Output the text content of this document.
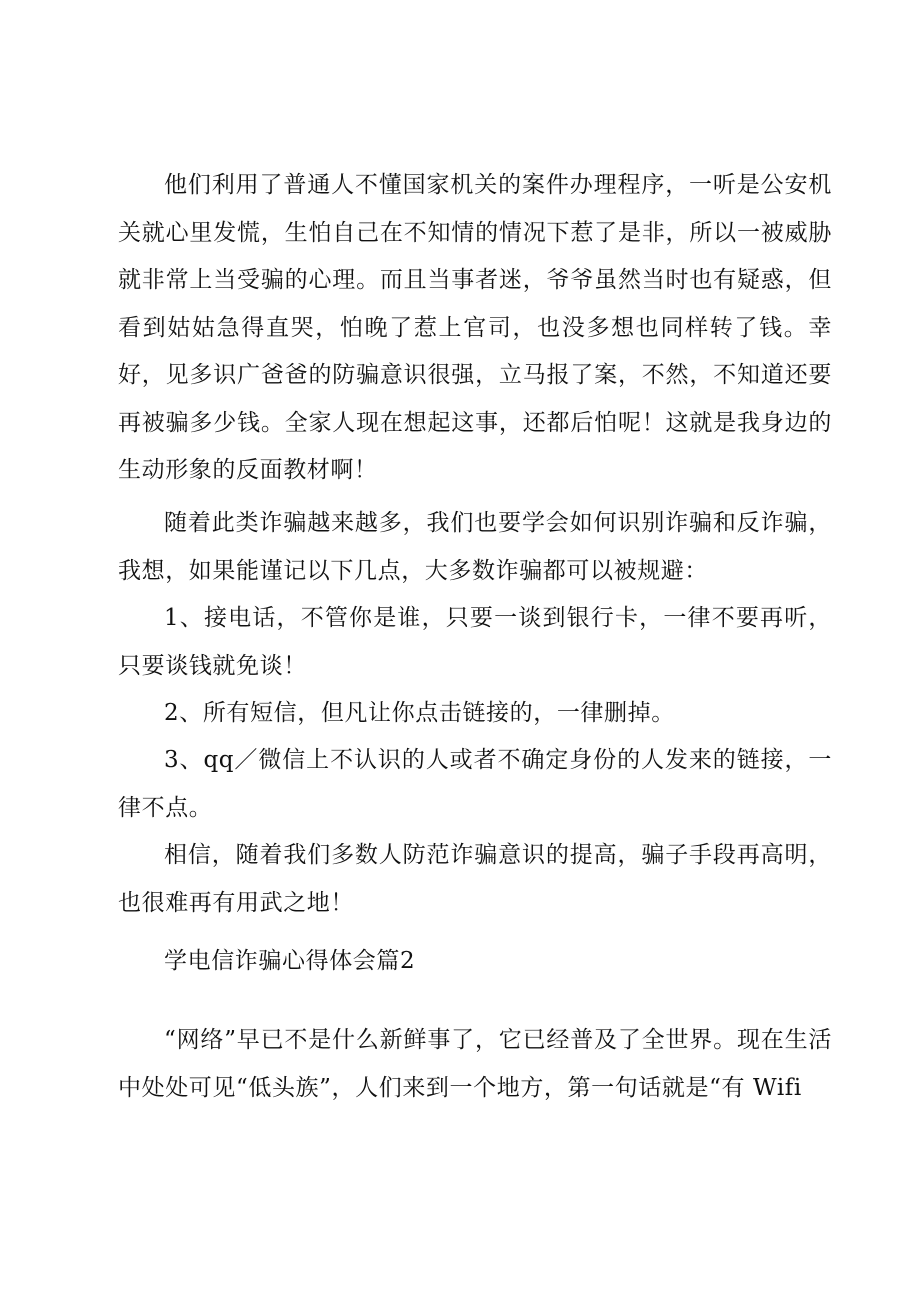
他们利用了普通人不懂国家机关的案件办理程序，一听是公安机关就心里发慌，生怕自己在不知情的情况下惹了是非，所以一被威胁就非常上当受骗的心理。而且当事者迷，爷爷虽然当时也有疑惑，但看到姑姑急得直哭，怕晚了惹上官司，也没多想也同样转了钱。幸好，见多识广爸爸的防骗意识很强，立马报了案，不然，不知道还要再被骗多少钱。全家人现在想起这事，还都后怕呢！这就是我身边的生动形象的反面教材啊！

随着此类诈骗越来越多，我们也要学会如何识别诈骗和反诈骗，我想，如果能谨记以下几点，大多数诈骗都可以被规避：

1、接电话，不管你是谁，只要一谈到银行卡，一律不要再听，只要谈钱就免谈！

2、所有短信，但凡让你点击链接的，一律删掉。

3、qq／微信上不认识的人或者不确定身份的人发来的链接，一律不点。

相信，随着我们多数人防范诈骗意识的提高，骗子手段再高明，也很难再有用武之地！

学电信诈骗心得体会篇2

“网络”早已不是什么新鲜事了，它已经普及了全世界。现在生活中处处可见“低头族”，人们来到一个地方，第一句话就是“有 Wifi
